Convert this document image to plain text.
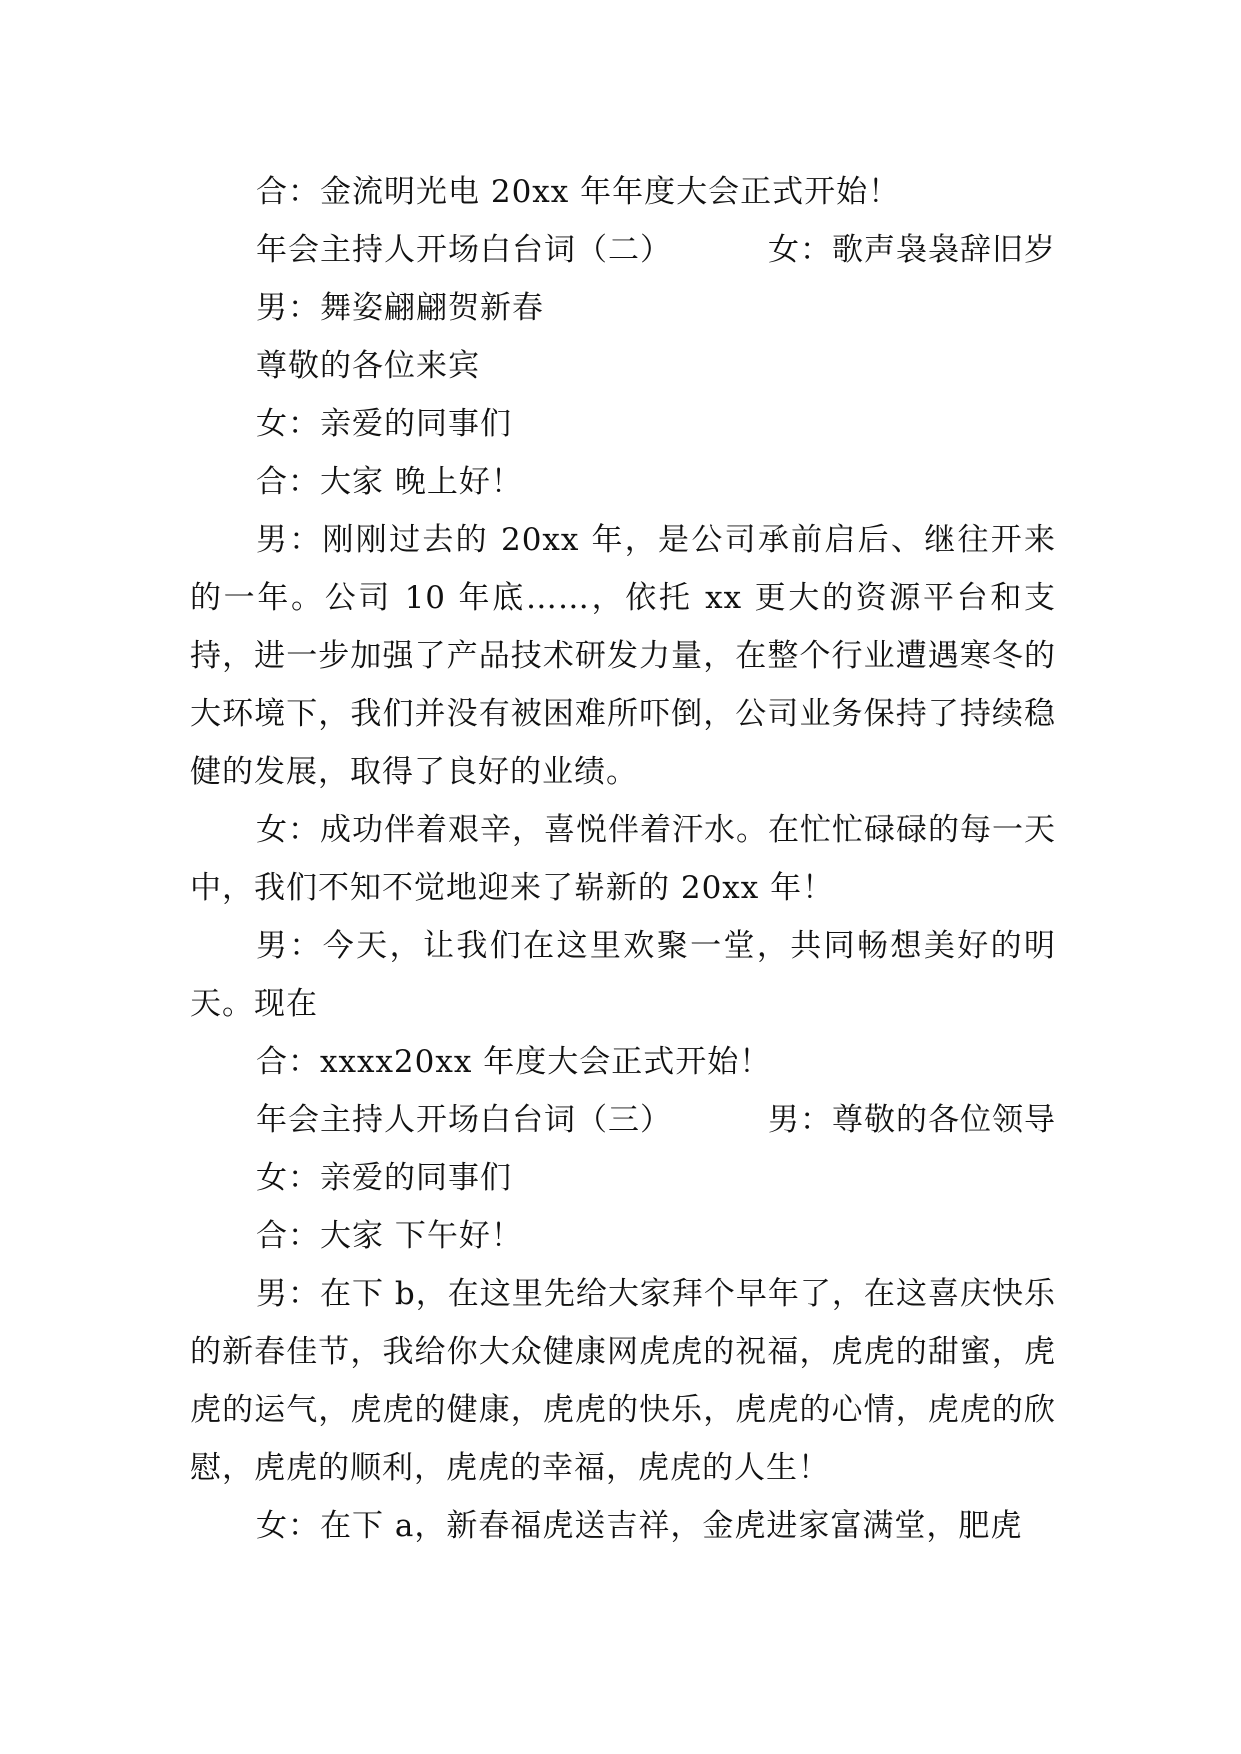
合：金流明光电 20xx 年年度大会正式开始！

年会主持人开场白台词（二）	女：歌声袅袅辞旧岁

男：舞姿翩翩贺新春

尊敬的各位来宾

女：亲爱的同事们

合：大家 晚上好！

男：刚刚过去的 20xx 年，是公司承前启后、继往开来的一年。公司 10 年底……，依托 xx 更大的资源平台和支持，进一步加强了产品技术研发力量，在整个行业遭遇寒冬的大环境下，我们并没有被困难所吓倒，公司业务保持了持续稳健的发展，取得了良好的业绩。

女：成功伴着艰辛，喜悦伴着汗水。在忙忙碌碌的每一天中，我们不知不觉地迎来了崭新的 20xx 年！

男：今天，让我们在这里欢聚一堂，共同畅想美好的明天。现在

合：xxxx20xx 年度大会正式开始！

年会主持人开场白台词（三）	男：尊敬的各位领导

女：亲爱的同事们

合：大家 下午好！

男：在下 b，在这里先给大家拜个早年了，在这喜庆快乐的新春佳节，我给你大众健康网虎虎的祝福，虎虎的甜蜜，虎虎的运气，虎虎的健康，虎虎的快乐，虎虎的心情，虎虎的欣慰，虎虎的顺利，虎虎的幸福，虎虎的人生！

女：在下 a，新春福虎送吉祥，金虎进家富满堂，肥虎
